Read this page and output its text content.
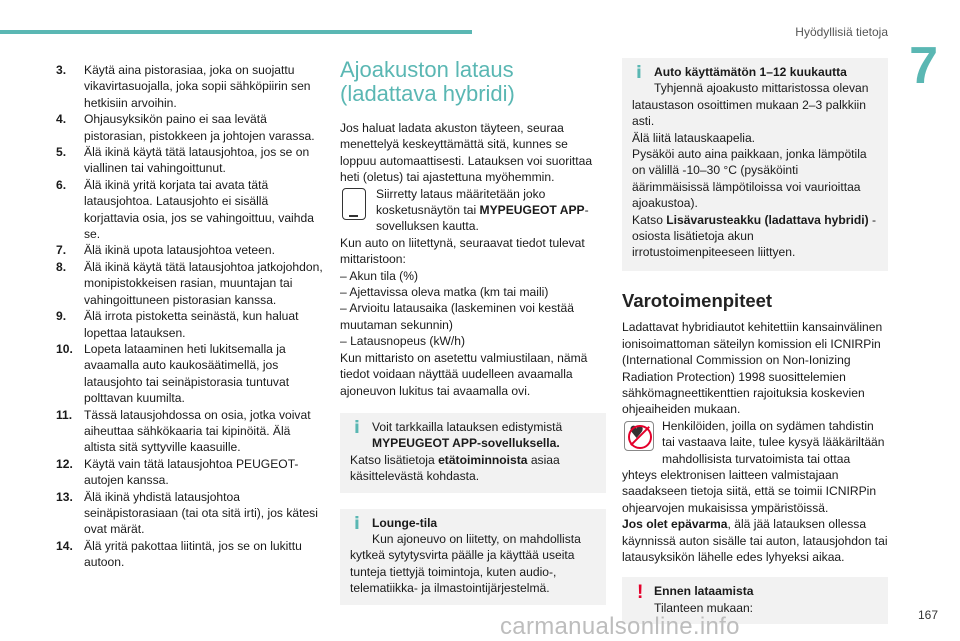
Hyödyllisiä tietoja
7
3.	Käytä aina pistorasiaa, joka on suojattu vikavirtasuojalla, joka sopii sähköpiirin sen hetkisiin arvoihin.
4.	Ohjausyksikön paino ei saa levätä pistorasian, pistokkeen ja johtojen varassa.
5.	Älä ikinä käytä tätä latausjohtoa, jos se on viallinen tai vahingoittunut.
6.	Älä ikinä yritä korjata tai avata tätä latausjohtoa. Latausjohto ei sisällä korjattavia osia, jos se vahingoittuu, vaihda se.
7.	Älä ikinä upota latausjohtoa veteen.
8.	Älä ikinä käytä tätä latausjohtoa jatkojohdon, monipistokkeisen rasian, muuntajan tai vahingoittuneen pistorasian kanssa.
9.	Älä irrota pistoketta seinästä, kun haluat lopettaa latauksen.
10. Lopeta lataaminen heti lukitsemalla ja avaamalla auto kaukosäätimellä, jos latausjohto tai seinäpistorasia tuntuvat polttavan kuumilta.
11. Tässä latausjohdossa on osia, jotka voivat aiheuttaa sähkökaaria tai kipinöitä. Älä altista sitä syttyville kaasuille.
12. Käytä vain tätä latausjohtoa PEUGEOT-autojen kanssa.
13. Älä ikinä yhdistä latausjohtoa seinäpistorasiaan (tai ota sitä irti), jos kätesi ovat märät.
14. Älä yritä pakottaa liitintä, jos se on lukittu autoon.
Ajoakuston lataus (ladattava hybridi)

Jos haluat ladata akuston täyteen, seuraa menettelyä keskeyttämättä sitä, kunnes se loppuu automaattisesti. Latauksen voi suorittaa heti (oletus) tai ajastettuna myöhemmin.

Siirretty lataus määritetään joko kosketusnäytön tai MYPEUGEOT APP-sovelluksen kautta.

Kun auto on liitettynä, seuraavat tiedot tulevat mittaristoon:

– Akun tila (%)

– Ajettavissa oleva matka (km tai maili)

– Arvioitu latausaika (laskeminen voi kestää muutaman sekunnin)

– Latausnopeus (kW/h)

Kun mittaristo on asetettu valmiustilaan, nämä tiedot voidaan näyttää uudelleen avaamalla ajoneuvon lukitus tai avaamalla ovi.

ⅰ	Voit tarkkailla latauksen edistymistä MYPEUGEOT APP-sovelluksella.

Katso lisätietoja etätoiminnoista asiaa käsittelevästä kohdasta.

ⅰ	Lounge-tila

Kun ajoneuvo on liitetty, on mahdollista

kytkeä sytytysvirta päälle ja käyttää useita tunteja tiettyjä toimintoja, kuten audio-, telematiikka- ja ilmastointijärjestelmä.

ⅰ	Auto käyttämätön 1–12 kuukautta

Tyhjennä ajoakusto mittaristossa olevan

lataustason osoittimen mukaan 2–3 palkkiin asti.

Älä liitä latauskaapelia.

Pysäköi auto aina paikkaan, jonka lämpötila on välillä -10–30 °C (pysäköinti äärimmäisissä lämpötiloissa voi vaurioittaa ajoakustoa).

Katso Lisävarusteakku (ladattava hybridi) -osiosta lisätietoja akun irrotustoimenpiteeseen liittyen.

Varotoimenpiteet

Ladattavat hybridiautot kehitettiin kansainvälinen ionisoimattoman säteilyn komission eli ICNIRPin (International Commission on Non-Ionizing Radiation Protection) 1998 suosittelemien sähkömagneettikenttien rajoituksia koskevien ohjeaiheiden mukaan.

♥ Henkilöiden, joilla on sydämen tahdistin tai vastaava laite, tulee kysyä lääkäriltään mahdollisista turvatoimista tai ottaa yhteys elektronisen laitteen valmistajaan saadakseen tietoja siitä, että se toimii ICNIRPin ohjearvojen mukaisissa ympäristöissä.

Jos olet epävarma, älä jää latauksen ollessa käynnissä auton sisälle tai auton, latausjohdon tai latausyksikön lähelle edes lyhyeksi aikaa.

! Ennen lataamista

Tilanteen mukaan:

carmanualsonline.info	167
